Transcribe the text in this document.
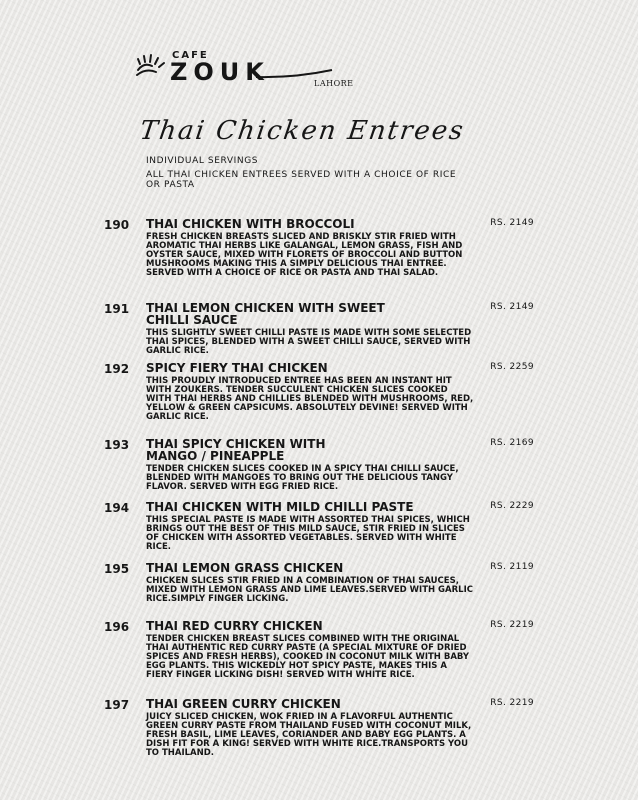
CAFE
ZOUK	LAHORE
Thai Chicken Entrees
INDIVIDUAL SERVINGS
ALL THAI CHICKEN ENTREES SERVED WITH A CHOICE OF RICE OR PASTA
190 THAI CHICKEN WITH BROCCOLI	RS. 2149
FRESH CHICKEN BREASTS SLICED AND BRISKLY STIR FRIED WITH AROMATIC THAI HERBS LIKE GALANGAL, LEMON GRASS, FISH AND OYSTER SAUCE, MIXED WITH FLORETS OF BROCCOLI AND BUTTON MUSHROOMS MAKING THIS A SIMPLY DELICIOUS THAI ENTREE. SERVED WITH A CHOICE OF RICE OR PASTA AND THAI SALAD.
191 THAI LEMON CHICKEN WITH SWEET CHILLI SAUCE
RS. 2149
THIS SLIGHTLY SWEET CHILLI PASTE IS MADE WITH SOME SELECTED THAI SPICES, BLENDED WITH A SWEET CHILLI SAUCE, SERVED WITH GARLIC RICE.
192 SPICY FIERY THAI CHICKEN	RS. 2259
THIS PROUDLY INTRODUCED ENTREE HAS BEEN AN INSTANT HIT WITH ZOUKERS. TENDER SUCCULENT CHICKEN SLICES COOKED WITH THAI HERBS AND CHILLIES BLENDED WITH MUSHROOMS, RED, YELLOW & GREEN CAPSICUMS. ABSOLUTELY DEVINE! SERVED WITH GARLIC RICE.
193 THAI SPICY CHICKEN WITH MANGO / PINEAPPLE
RS. 2169
TENDER CHICKEN SLICES COOKED IN A SPICY THAI CHILLI SAUCE, BLENDED WITH MANGOES TO BRING OUT THE DELICIOUS TANGY FLAVOR. SERVED WITH EGG FRIED RICE.
194 THAI CHICKEN WITH MILD CHILLI PASTE	RS. 2229
THIS SPECIAL PASTE IS MADE WITH ASSORTED THAI SPICES, WHICH BRINGS OUT THE BEST OF THIS MILD SAUCE, STIR FRIED IN SLICES OF CHICKEN WITH ASSORTED VEGETABLES. SERVED WITH WHITE RICE.
195 THAI LEMON GRASS CHICKEN	RS. 2119
CHICKEN SLICES STIR FRIED IN A COMBINATION OF THAI SAUCES, MIXED WITH LEMON GRASS AND LIME LEAVES.SERVED WITH GARLIC RICE.SIMPLY FINGER LICKING.
196 THAI RED CURRY CHICKEN	RS. 2219
TENDER CHICKEN BREAST SLICES COMBINED WITH THE ORIGINAL THAI AUTHENTIC RED CURRY PASTE (A SPECIAL MIXTURE OF DRIED SPICES AND FRESH HERBS), COOKED IN COCONUT MILK WITH BABY EGG PLANTS. THIS WICKEDLY HOT SPICY PASTE, MAKES THIS A FIERY FINGER LICKING DISH! SERVED WITH WHITE RICE.
197 THAI GREEN CURRY CHICKEN	RS. 2219
JUICY SLICED CHICKEN, WOK FRIED IN A FLAVORFUL AUTHENTIC GREEN CURRY PASTE FROM THAILAND FUSED WITH COCONUT MILK, FRESH BASIL, LIME LEAVES, CORIANDER AND BABY EGG PLANTS. A DISH FIT FOR A KING! SERVED WITH WHITE RICE.TRANSPORTS YOU TO THAILAND.
